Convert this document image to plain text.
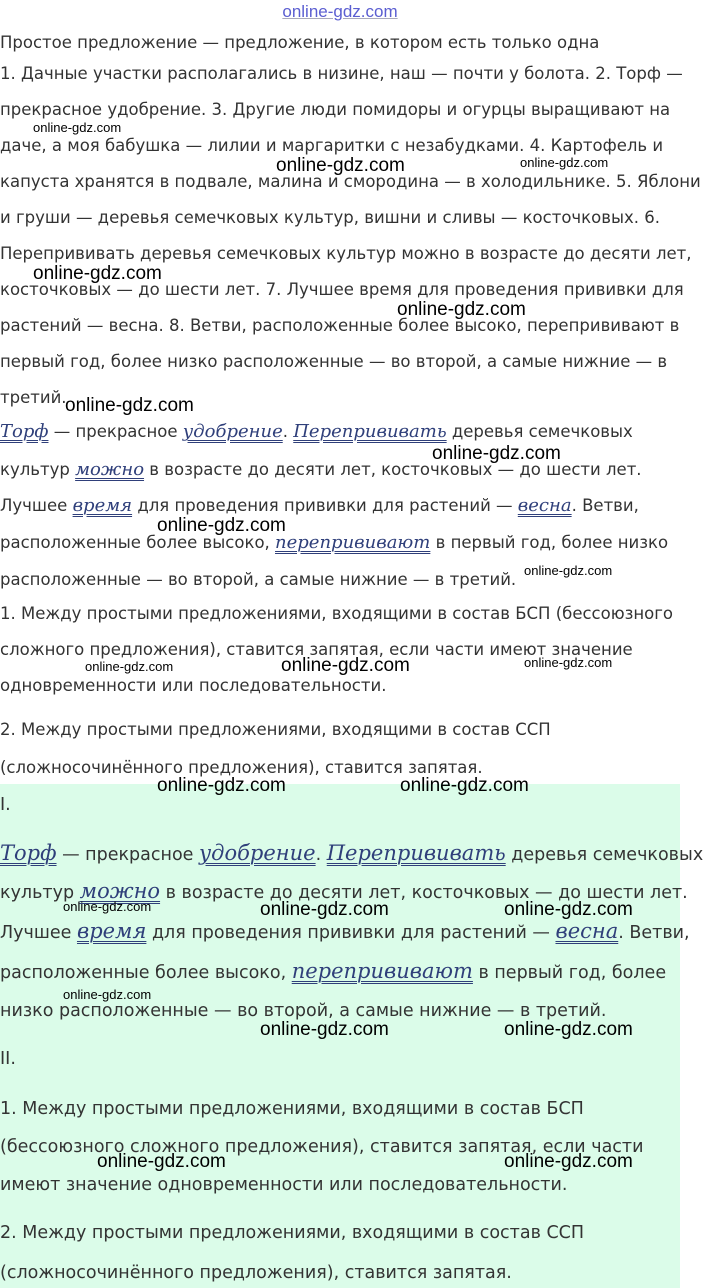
online-gdz.com
Простое предложение — предложение, в котором есть только одна
1. Дачные участки располагались в низине, наш — почти у болота. 2. Торф —
прекрасное удобрение. 3. Другие люди помидоры и огурцы выращивают на
даче, а моя бабушка — лилии и маргаритки с незабудками. 4. Картофель и
капуста хранятся в подвале, малина и смородина — в холодильнике. 5. Яблони
и груши — деревья семечковых культур, вишни и сливы — косточковых. 6.
Перепрививать деревья семечковых культур можно в возрасте до десяти лет,
косточковых — до шести лет. 7. Лучшее время для проведения прививки для
растений — весна. 8. Ветви, расположенные более высоко, перепрививают в
первый год, более низко расположенные — во второй, а самые нижние — в
третий.
Торф — прекрасное удобрение. Перепрививать деревья семечковых
культур можно в возрасте до десяти лет, косточковых — до шести лет.
Лучшее время для проведения прививки для растений — весна. Ветви,
расположенные более высоко, перепрививают в первый год, более низко
расположенные — во второй, а самые нижние — в третий.
1. Между простыми предложениями, входящими в состав БСП (бессоюзного
сложного предложения), ставится запятая, если части имеют значение
одновременности или последовательности.
2. Между простыми предложениями, входящими в состав ССП
(сложносочинённого предложения), ставится запятая.
I.
Торф — прекрасное удобрение. Перепрививать деревья семечковых
культур можно в возрасте до десяти лет, косточковых — до шести лет.
Лучшее время для проведения прививки для растений — весна. Ветви,
расположенные более высоко, перепрививают в первый год, более
низко расположенные — во второй, а самые нижние — в третий.
II.
1. Между простыми предложениями, входящими в состав БСП
(бессоюзного сложного предложения), ставится запятая, если части
имеют значение одновременности или последовательности.
2. Между простыми предложениями, входящими в состав ССП
(сложносочинённого предложения), ставится запятая.
online-gdz.com
online-gdz.com	online-gdz.com
online-gdz.com
online-gdz.com
online-gdz.com
online-gdz.com
online-gdz.com
online-gdz.com
online-gdz.com	online-gdz.com	online-gdz.com
online-gdz.com	online-gdz.com
online-gdz.com	online-gdz.com	online-gdz.com
online-gdz.com
online-gdz.com	online-gdz.com
online-gdz.com	online-gdz.com
